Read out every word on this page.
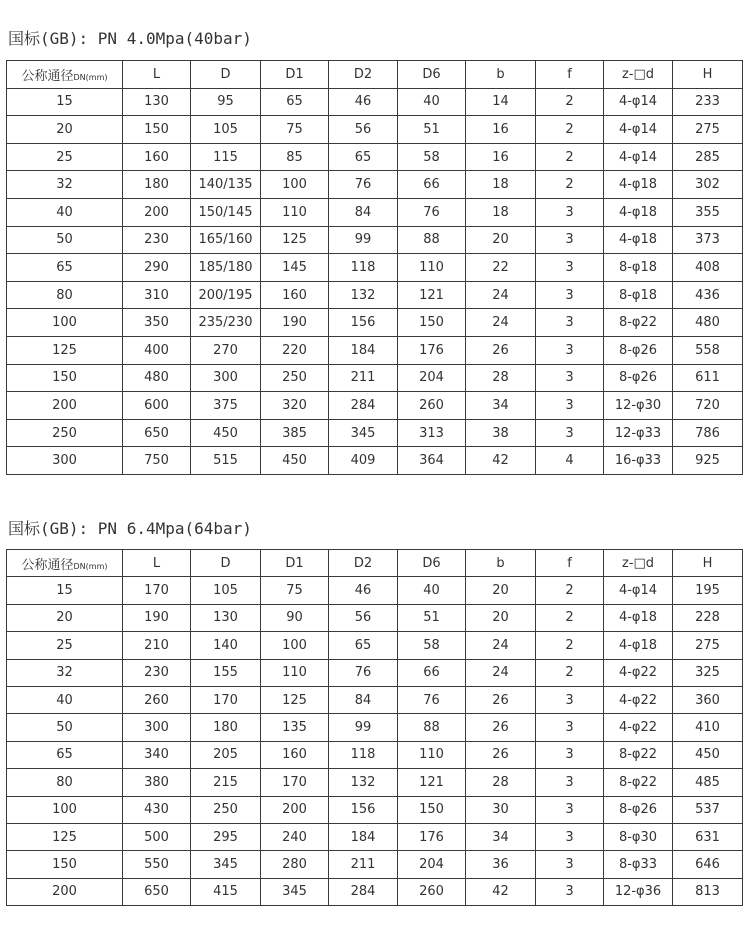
国标(GB): PN 4.0Mpa(40bar)
公称通径DN(mm)	L	D	D1	D2	D6	b	f	z-□d	H
15	130	95	65	46	40	14	2	4-φ14	233
20	150	105	75	56	51	16	2	4-φ14	275
25	160	115	85	65	58	16	2	4-φ14	285
32	180	140/135	100	76	66	18	2	4-φ18	302
40	200	150/145	110	84	76	18	3	4-φ18	355
50	230	165/160	125	99	88	20	3	4-φ18	373
65	290	185/180	145	118	110	22	3	8-φ18	408
80	310	200/195	160	132	121	24	3	8-φ18	436
100	350	235/230	190	156	150	24	3	8-φ22	480
125	400	270	220	184	176	26	3	8-φ26	558
150	480	300	250	211	204	28	3	8-φ26	611
200	600	375	320	284	260	34	3	12-φ30	720
250	650	450	385	345	313	38	3	12-φ33	786
300	750	515	450	409	364	42	4	16-φ33	925
国标(GB): PN 6.4Mpa(64bar)
公称通径DN(mm)	L	D	D1	D2	D6	b	f	z-□d	H
15	170	105	75	46	40	20	2	4-φ14	195
20	190	130	90	56	51	20	2	4-φ18	228
25	210	140	100	65	58	24	2	4-φ18	275
32	230	155	110	76	66	24	2	4-φ22	325
40	260	170	125	84	76	26	3	4-φ22	360
50	300	180	135	99	88	26	3	4-φ22	410
65	340	205	160	118	110	26	3	8-φ22	450
80	380	215	170	132	121	28	3	8-φ22	485
100	430	250	200	156	150	30	3	8-φ26	537
125	500	295	240	184	176	34	3	8-φ30	631
150	550	345	280	211	204	36	3	8-φ33	646
200	650	415	345	284	260	42	3	12-φ36	813
